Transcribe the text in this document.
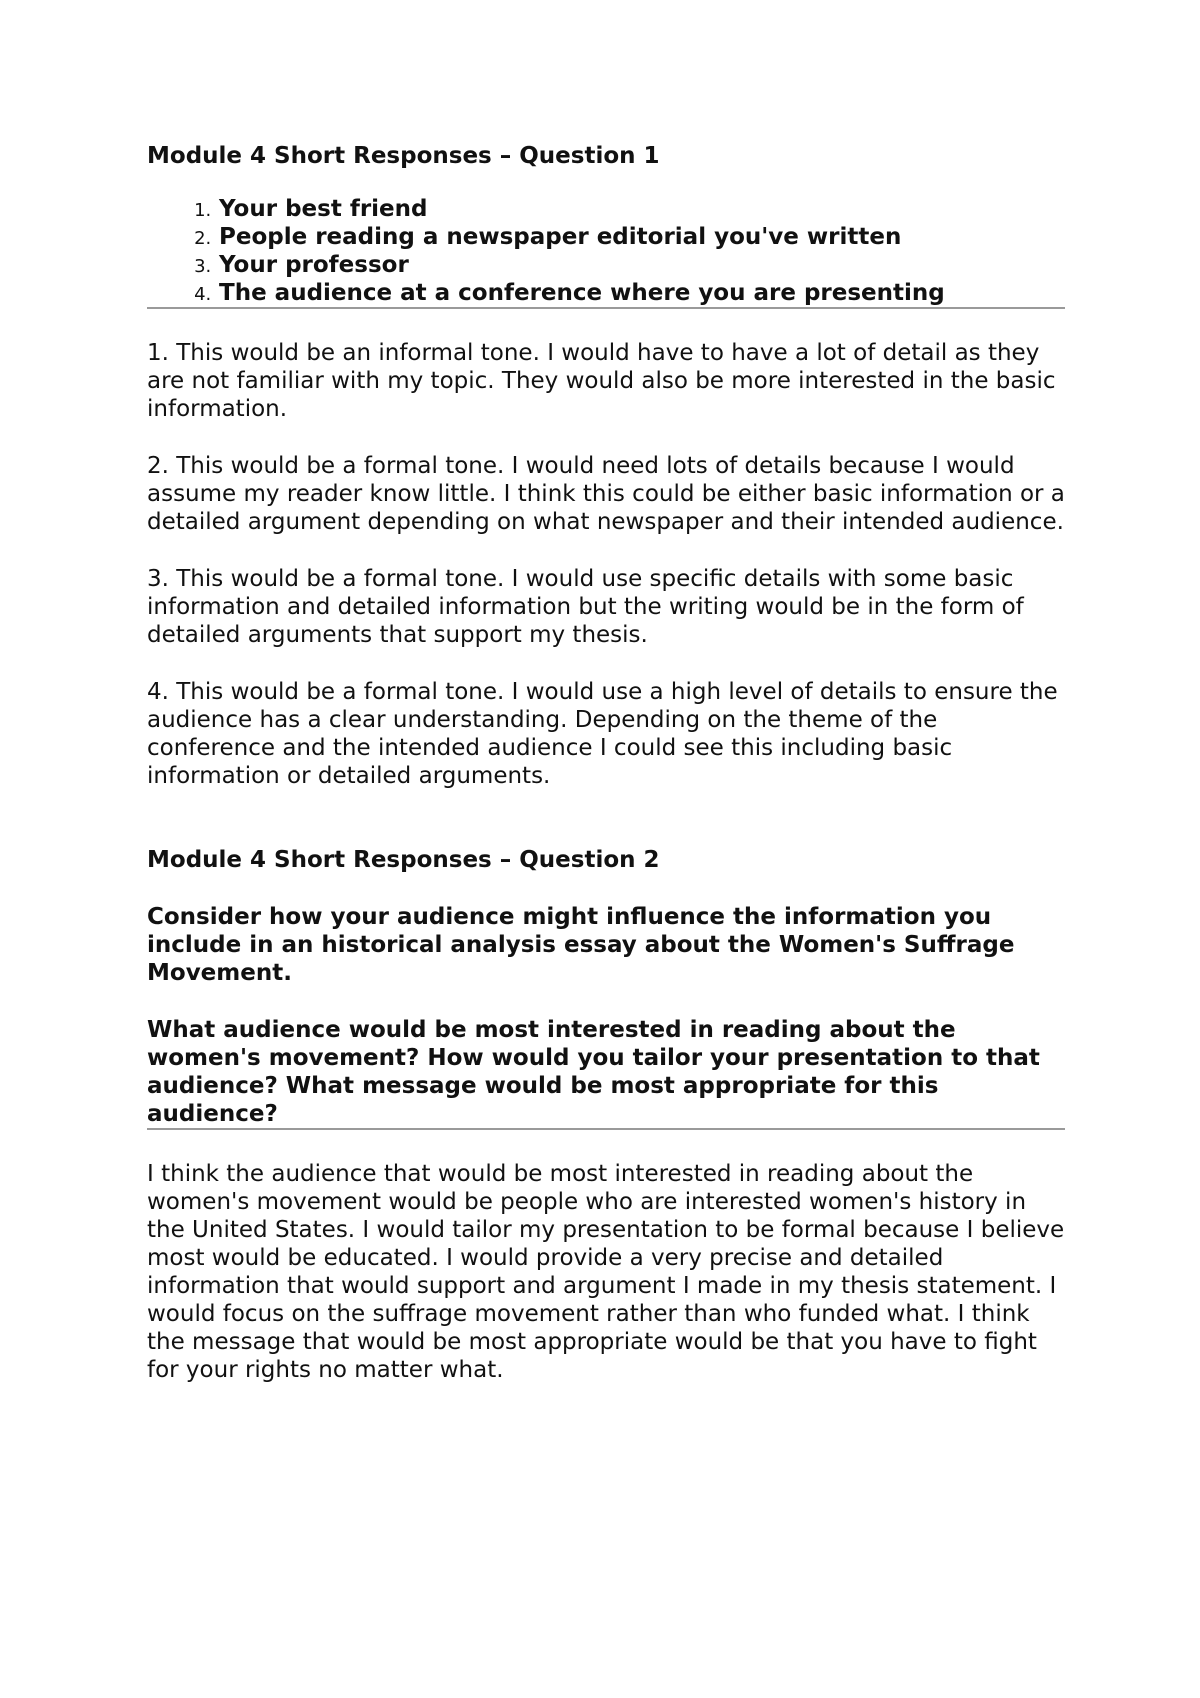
Module 4 Short Responses – Question 1
1. Your best friend
2. People reading a newspaper editorial you've written
3. Your professor
4. The audience at a conference where you are presenting

1. This would be an informal tone. I would have to have a lot of detail as they are not familiar with my topic. They would also be more interested in the basic information.

2. This would be a formal tone. I would need lots of details because I would assume my reader know little. I think this could be either basic information or a detailed argument depending on what newspaper and their intended audience.

3. This would be a formal tone. I would use specific details with some basic information and detailed information but the writing would be in the form of detailed arguments that support my thesis.

4. This would be a formal tone. I would use a high level of details to ensure the audience has a clear understanding. Depending on the theme of the conference and the intended audience I could see this including basic information or detailed arguments.

Module 4 Short Responses – Question 2

Consider how your audience might influence the information you include in an historical analysis essay about the Women's Suffrage Movement.

What audience would be most interested in reading about the women's movement? How would you tailor your presentation to that audience? What message would be most appropriate for this audience?

I think the audience that would be most interested in reading about the women's movement would be people who are interested women's history in the United States. I would tailor my presentation to be formal because I believe most would be educated. I would provide a very precise and detailed information that would support and argument I made in my thesis statement. I would focus on the suffrage movement rather than who funded what. I think the message that would be most appropriate would be that you have to fight for your rights no matter what.
